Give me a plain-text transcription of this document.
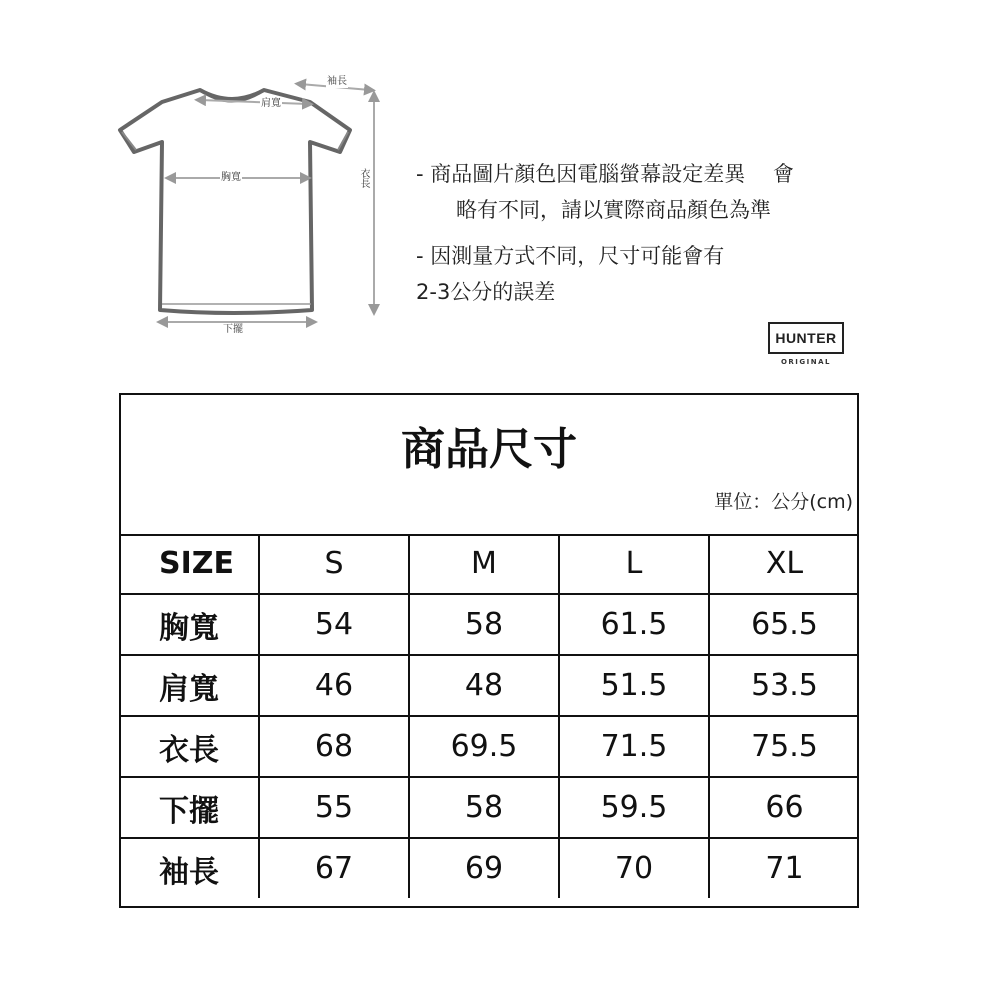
袖長
肩寬
胸寬	衣長
下擺

- 商品圖片顏色因電腦螢幕設定差異　 會

略有不同，請以實際商品顏色為準

- 因測量方式不同，尺寸可能會有

2-3公分的誤差

HUNTER
ORIGINAL
商品尺寸
單位：公分(cm)
SIZE	S	M	L	XL
胸寬	54	58	61.5	65.5
肩寬	46	48	51.5	53.5
衣長	68	69.5	71.5	75.5
下擺	55	58	59.5	66
袖長	67	69	70	71
